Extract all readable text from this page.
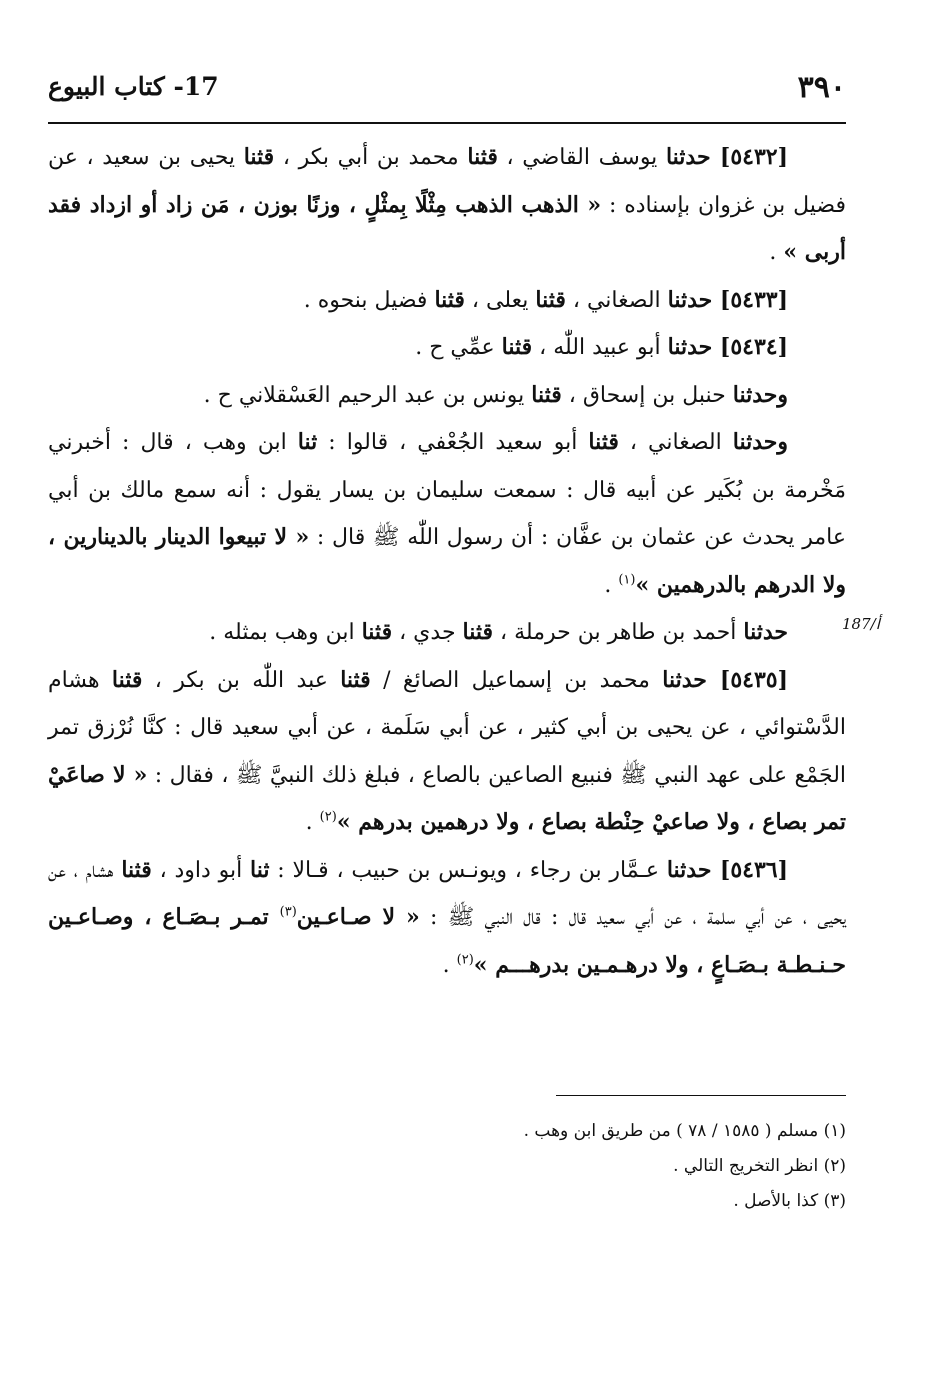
٣٩٠
17- كتاب البيوع
187/أ

[٥٤٣٢] حدثنا يوسف القاضي ، قثنا محمد بن أبي بكر ، قثنا يحيى بن سعيد ، عن فضيل بن غزوان بإسناده : « الذهب الذهب مِثْلًا بِمثْلٍ ، وزنًا بوزن ، مَن زاد أو ازداد فقد أربى » .

[٥٤٣٣] حدثنا الصغاني ، قثنا يعلى ، قثنا فضيل بنحوه .

[٥٤٣٤] حدثنا أبو عبيد اللّٰه ، قثنا عمِّي ح .

وحدثنا حنبل بن إسحاق ، قثنا يونس بن عبد الرحيم العَسْقلاني ح .

وحدثنا الصغاني ، قثنا أبو سعيد الجُعْفي ، قالوا : ثنا ابن وهب ، قال : أخبرني مَخْرمة بن بُكَير عن أبيه قال : سمعت سليمان بن يسار يقول : أنه سمع مالك بن أبي عامر يحدث عن عثمان بن عفَّان : أن رسول اللّٰه ﷺ قال : « لا تبيعوا الدينار بالدينارين ، ولا الدرهم بالدرهمين »$^{(١)}$ .

حدثنا أحمد بن طاهر بن حرملة ، قثنا جدي ، قثنا ابن وهب بمثله .

[٥٤٣٥] حدثنا محمد بن إسماعيل الصائغ / قثنا عبد اللّٰه بن بكر ، قثنا هشام الدَّسْتوائي ، عن يحيى بن أبي كثير ، عن أبي سَلَمة ، عن أبي سعيد قال : كنَّا نُرْزق تمر الجَمْع على عهد النبي ﷺ فنبيع الصاعين بالصاع ، فبلغ ذلك النبيَّ ﷺ ، فقال : « لا صاعَيْ تمر بصاع ، ولا صاعيْ حِنْطة بصاع ، ولا درهمين بدرهم »$^{(٢)}$ .

[٥٤٣٦] حدثنا عـمَّار بن رجاء ، ويونـس بن حبيب ، قـالا : ثنا أبو داود ، قثنا هشام ، عن يحيى ، عن أبي سلمة ، عن أبي سعيد قال : قال النبي ﷺ : « لا صـاعـين$^{(٣)}$ تمـر بـصَـاع ، وصـاعـين حـنـطـة بـصَـاعٍ ، ولا درهـمـين بدرهـــم »$^{(٢)}$ .

(١) مسلم ( ١٥٨٥ / ٧٨ ) من طريق ابن وهب .

(٢) انظر التخريج التالي .

(٣) كذا بالأصل .
